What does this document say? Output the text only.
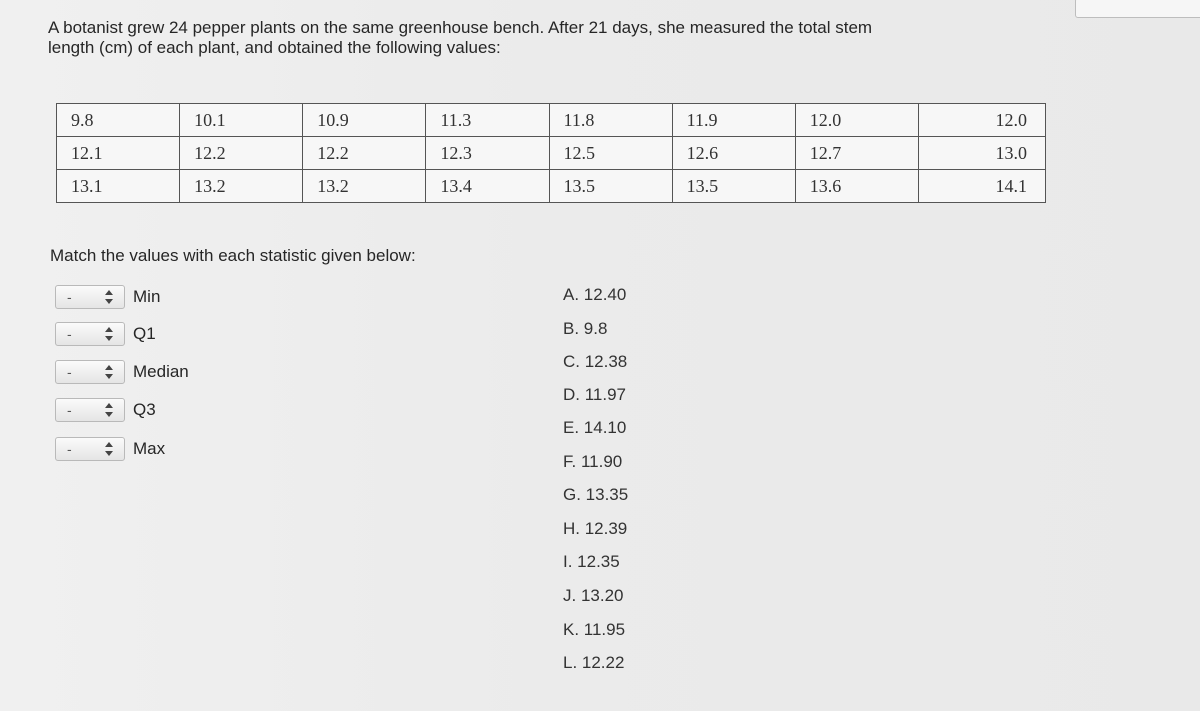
A botanist grew 24 pepper plants on the same greenhouse bench. After 21 days, she measured the total stem
length (cm) of each plant, and obtained the following values:
9.8	10.1	10.9	11.3	11.8	11.9	12.0	12.0
12.1	12.2	12.2	12.3	12.5	12.6	12.7	13.0
13.1	13.2	13.2	13.4	13.5	13.5	13.6	14.1
Match the values with each statistic given below:
-	Min
-	Q1
-	Median
-	Q3
-	Max
A. 12.40
B. 9.8
C. 12.38
D. 11.97
E. 14.10
F. 11.90
G. 13.35
H. 12.39
I. 12.35
J. 13.20
K. 11.95
L. 12.22
